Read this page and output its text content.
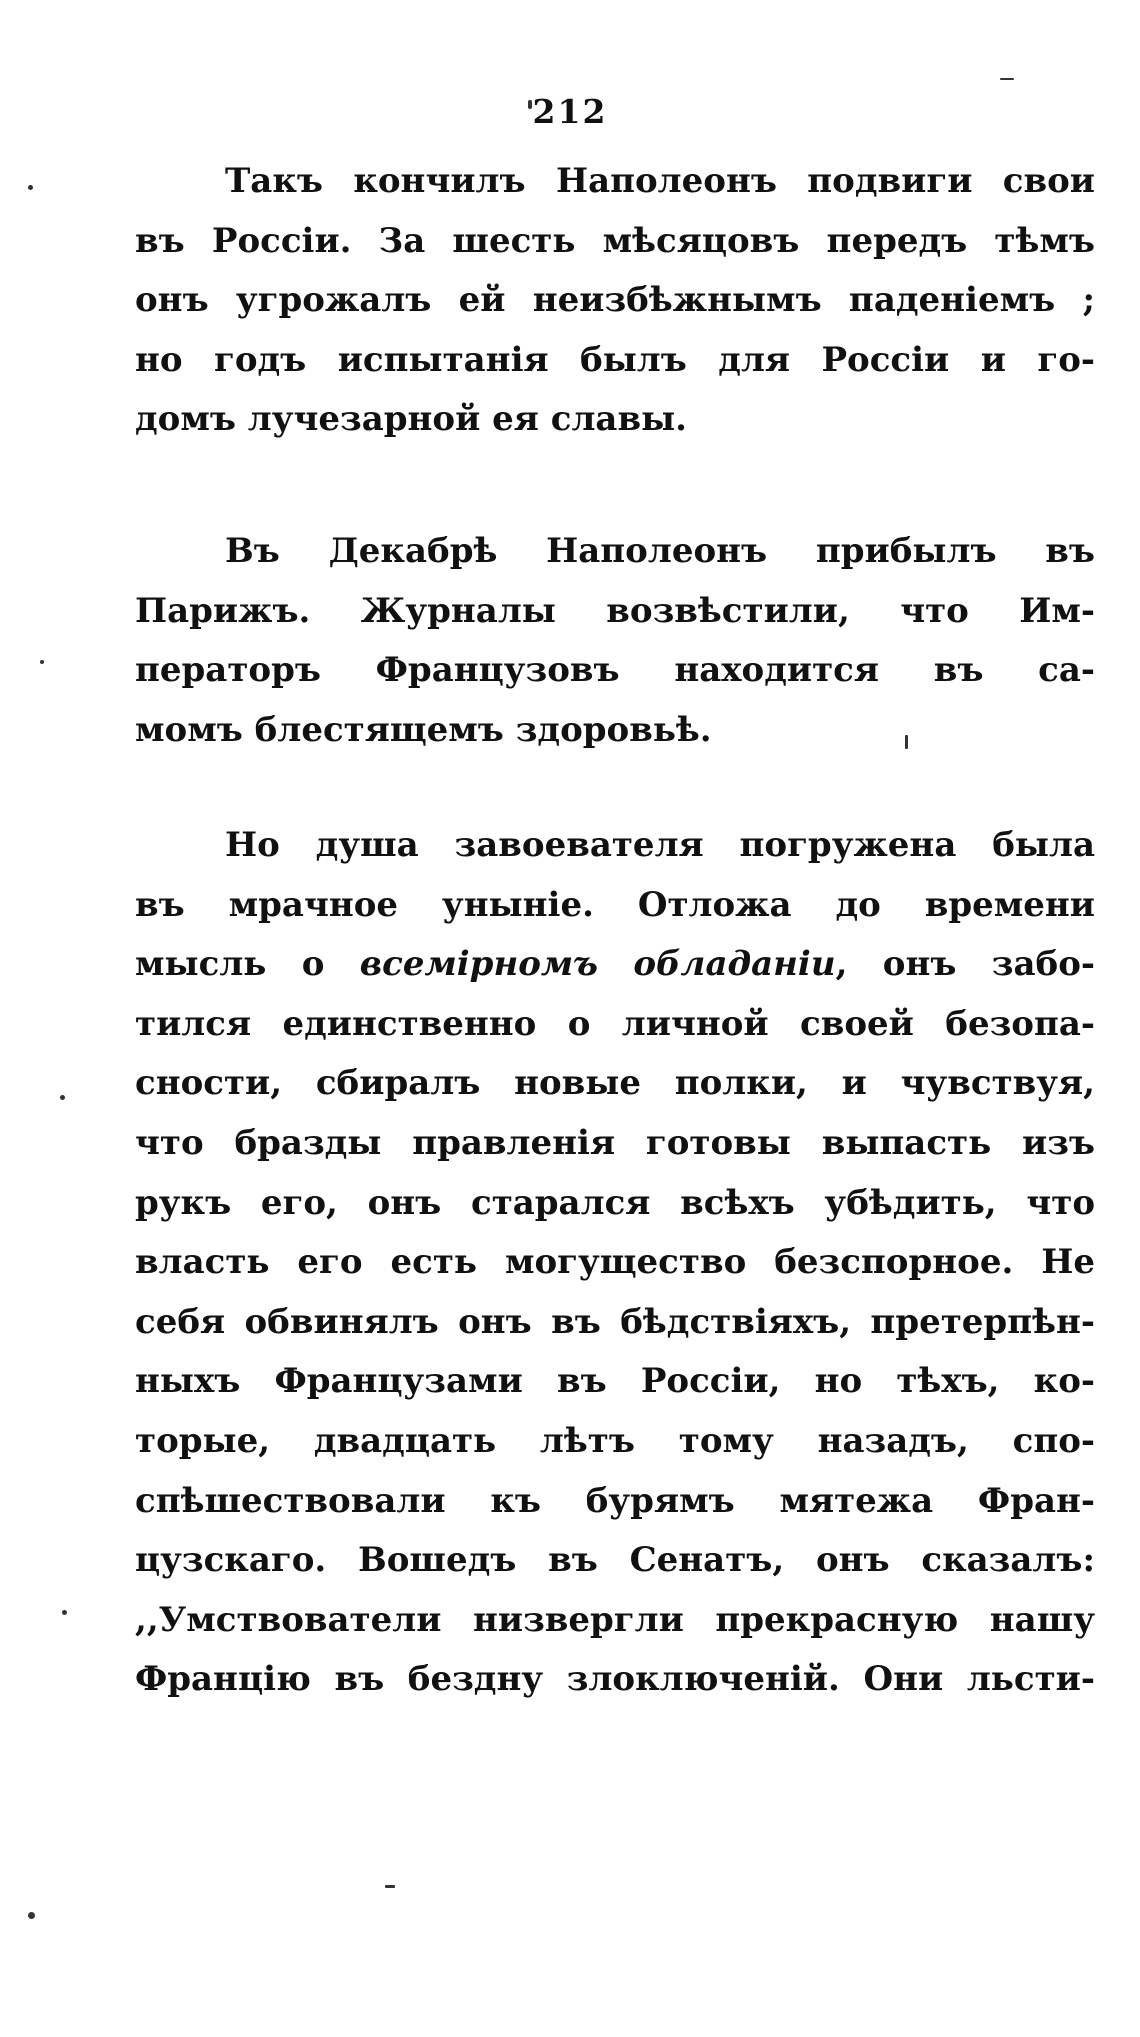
212
Такъ кончилъ Наполеонъ подвиги свои
въ Россіи. За шесть мѣсяцовъ передъ тѣмъ
онъ угрожалъ ей неизбѣжнымъ паденіемъ ;
но годъ испытанія былъ для Россіи и го-
домъ лучезарной ея славы.
Въ Декабрѣ Наполеонъ прибылъ въ
Парижъ. Журналы возвѣстили, что Им-
ператоръ Французовъ находится въ са-
момъ блестящемъ здоровьѣ.
Но душа завоевателя погружена была
въ мрачное уныніе. Отложа до времени
мысль о всемірномъ обладаніи, онъ забо-
тился единственно о личной своей безопа-
сности, сбиралъ новые полки, и чувствуя,
что бразды правленія готовы выпасть изъ
рукъ его, онъ старался всѣхъ убѣдить, что
власть его есть могущество безспорное. Не
себя обвинялъ онъ въ бѣдствіяхъ, претерпѣн-
ныхъ Французами въ Россіи, но тѣхъ, ко-
торые, двадцать лѣтъ тому назадъ, спо-
спѣшествовали къ бурямъ мятежа Фран-
цузскаго. Вошедъ въ Сенатъ, онъ сказалъ:
,,Умствователи низвергли прекрасную нашу
Францію въ бездну злоключеній. Они льсти-
